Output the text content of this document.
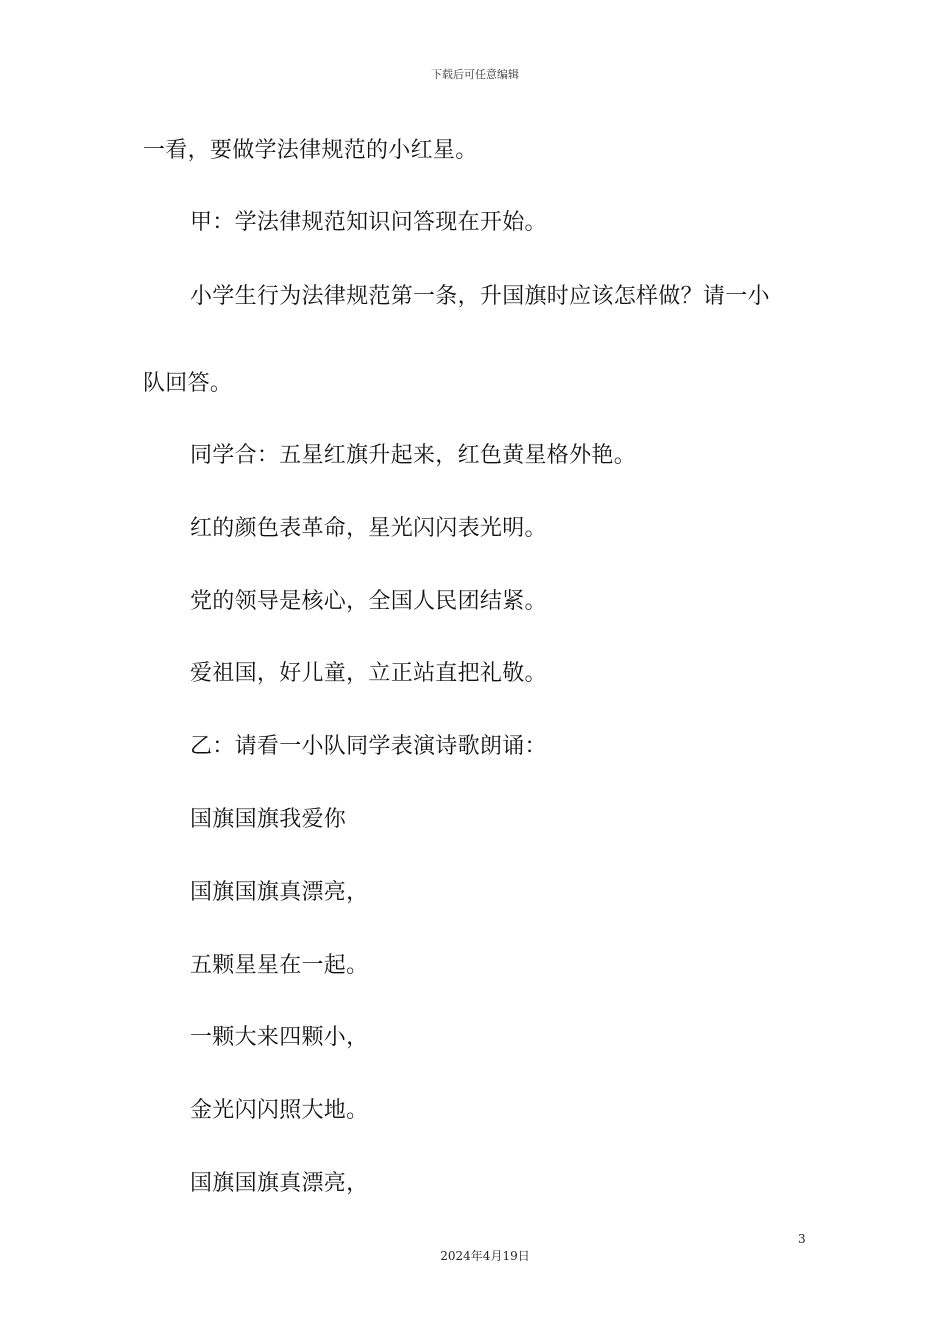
下载后可任意编辑
一看，要做学法律规范的小红星。
甲：学法律规范知识问答现在开始。
小学生行为法律规范第一条，升国旗时应该怎样做？请一小
队回答。
同学合：五星红旗升起来，红色黄星格外艳。
红的颜色表革命，星光闪闪表光明。
党的领导是核心，全国人民团结紧。
爱祖国，好儿童，立正站直把礼敬。
乙：请看一小队同学表演诗歌朗诵：
国旗国旗我爱你
国旗国旗真漂亮，
五颗星星在一起。
一颗大来四颗小，
金光闪闪照大地。
国旗国旗真漂亮，
3
2024年4月19日
